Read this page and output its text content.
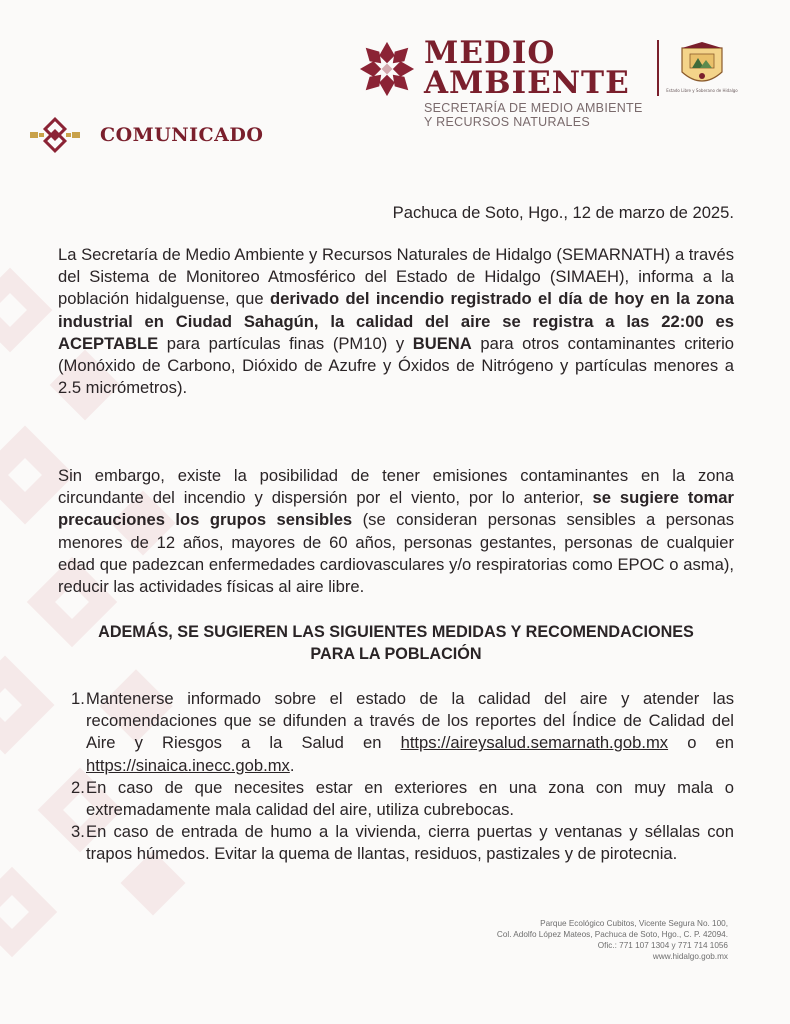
MEDIO
AMBIENTE
SECRETARÍA DE MEDIO AMBIENTE
Y RECURSOS NATURALES
Estado Libre y Soberano de Hidalgo
COMUNICADO
Pachuca de Soto, Hgo., 12 de marzo de 2025.
La Secretaría de Medio Ambiente y Recursos Naturales de Hidalgo (SEMARNATH) a través del Sistema de Monitoreo Atmosférico del Estado de Hidalgo (SIMAEH), informa a la población hidalguense, que derivado del incendio registrado el día de hoy en la zona industrial en Ciudad Sahagún, la calidad del aire se registra a las 22:00 es ACEPTABLE para partículas finas (PM10) y BUENA para otros contaminantes criterio (Monóxido de Carbono, Dióxido de Azufre y Óxidos de Nitrógeno y partículas menores a 2.5 micrómetros).
Sin embargo, existe la posibilidad de tener emisiones contaminantes en la zona circundante del incendio y dispersión por el viento, por lo anterior, se sugiere tomar precauciones los grupos sensibles (se consideran personas sensibles a personas menores de 12 años, mayores de 60 años, personas gestantes, personas de cualquier edad que padezcan enfermedades cardiovasculares y/o respiratorias como EPOC o asma), reducir las actividades físicas al aire libre.
ADEMÁS, SE SUGIEREN LAS SIGUIENTES MEDIDAS Y RECOMENDACIONES
PARA LA POBLACIÓN
1. Mantenerse informado sobre el estado de la calidad del aire y atender las recomendaciones que se difunden a través de los reportes del Índice de Calidad del Aire y Riesgos a la Salud en https://aireysalud.semarnath.gob.mx o en https://sinaica.inecc.gob.mx.
2. En caso de que necesites estar en exteriores en una zona con muy mala o extremadamente mala calidad del aire, utiliza cubrebocas.
3. En caso de entrada de humo a la vivienda, cierra puertas y ventanas y séllalas con trapos húmedos. Evitar la quema de llantas, residuos, pastizales y de pirotecnia.
Parque Ecológico Cubitos, Vicente Segura No. 100,
Col. Adolfo López Mateos, Pachuca de Soto, Hgo., C. P. 42094.
Ofic.: 771 107 1304 y 771 714 1056
www.hidalgo.gob.mx
